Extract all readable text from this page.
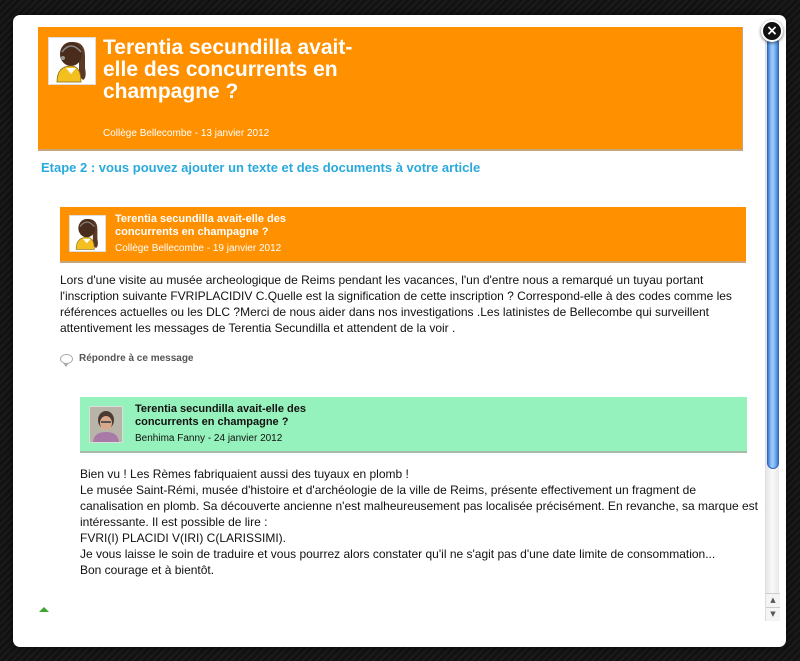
Terentia secundilla avait-elle des concurrents en champagne ?
Collège Bellecombe - 13 janvier 2012
Etape 2 : vous pouvez ajouter un texte et des documents à votre article
Terentia secundilla avait-elle des concurrents en champagne ?
Collège Bellecombe - 19 janvier 2012
Lors d'une visite au musée archeologique de Reims pendant les vacances, l'un d'entre nous a remarqué un tuyau portant l'inscription suivante FVRIPLACIDIV C.Quelle est la signification de cette inscription ? Correspond-elle à des codes comme les références actuelles ou les DLC ?Merci de nous aider dans nos investigations .Les latinistes de Bellecombe qui surveillent attentivement les messages de Terentia Secundilla et attendent de la voir .
Répondre à ce message
Terentia secundilla avait-elle des concurrents en champagne ?
Benhima Fanny - 24 janvier 2012

Bien vu ! Les Rèmes fabriquaient aussi des tuyaux en plomb !

Le musée Saint-Rémi, musée d'histoire et d'archéologie de la ville de Reims, présente effectivement un fragment de canalisation en plomb. Sa découverte ancienne n'est malheureusement pas localisée précisément. En revanche, sa marque est intéressante. Il est possible de lire :

FVRI(I) PLACIDI V(IRI) C(LARISSIMI).

Je vous laisse le soin de traduire et vous pourrez alors constater qu'il ne s'agit pas d'une date limite de consommation...

Bon courage et à bientôt.

▲
▼
×
